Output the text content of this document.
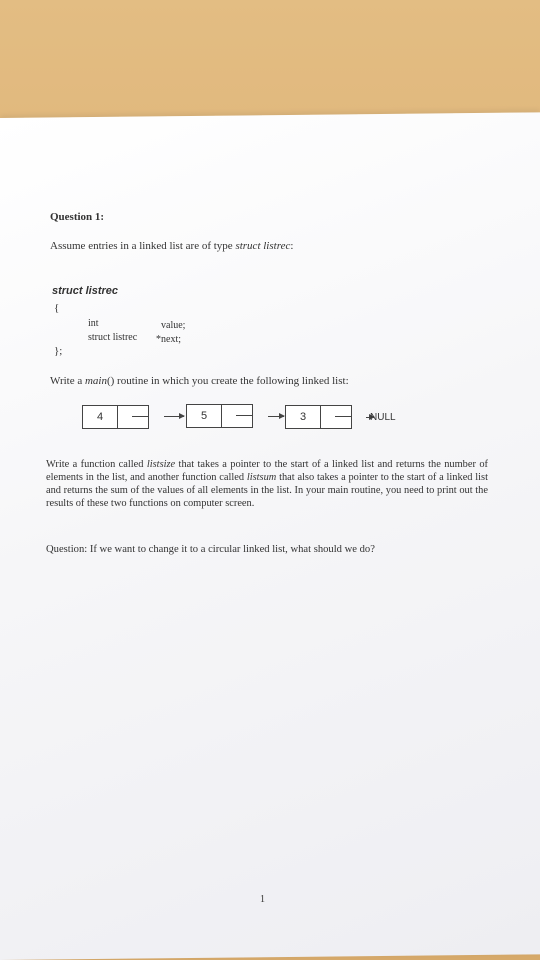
Question 1:
Assume entries in a linked list are of type struct listrec:
struct listrec
{
int	value;
struct listrec *next;
};
Write a main() routine in which you create the following linked list:
4	5	3	NULL
Write a function called listsize that takes a pointer to the start of a linked list and returns the number of elements in the list, and another function called listsum that also takes a pointer to the start of a linked list and returns the sum of the values of all elements in the list. In your main routine, you need to print out the results of these two functions on computer screen.
Question: If we want to change it to a circular linked list, what should we do?
1
